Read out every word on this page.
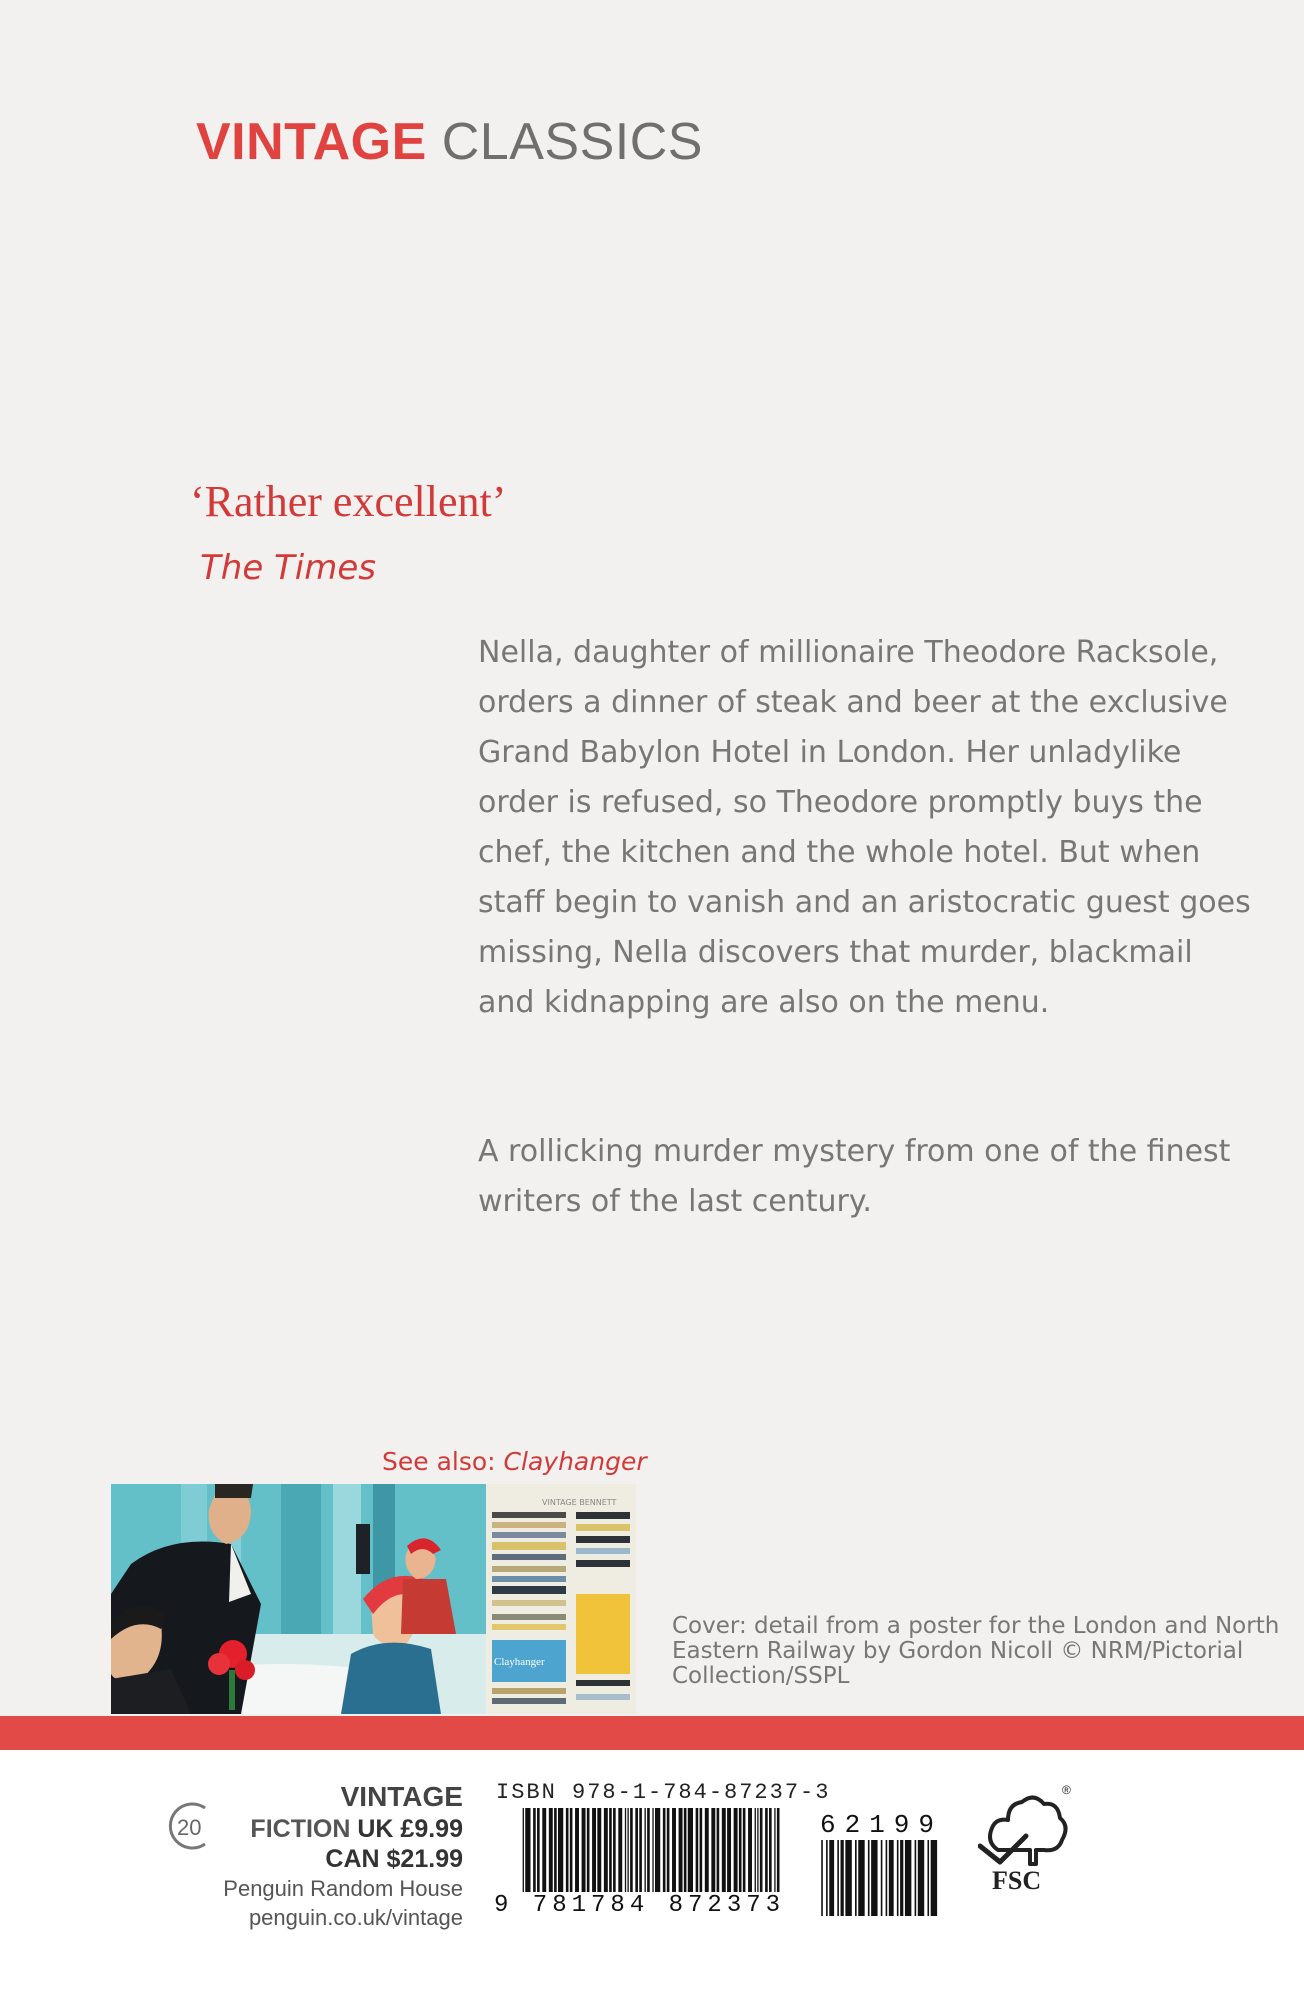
VINTAGE CLASSICS
‘Rather excellent’
The Times
Nella, daughter of millionaire Theodore Racksole,
orders a dinner of steak and beer at the exclusive
Grand Babylon Hotel in London. Her unladylike
order is refused, so Theodore promptly buys the
chef, the kitchen and the whole hotel. But when
staff begin to vanish and an aristocratic guest goes
missing, Nella discovers that murder, blackmail
and kidnapping are also on the menu.
A rollicking murder mystery from one of the finest
writers of the last century.
See also: Clayhanger
VINTAGE BENNETT
Clayhanger
Cover: detail from a poster for the London and North
Eastern Railway by Gordon Nicoll © NRM/Pictorial
Collection/SSPL
20
VINTAGE
FICTION UK £9.99
CAN $21.99
Penguin Random House
penguin.co.uk/vintage
ISBN 978-1-784-87237-3
9 781784 872373
62199
®
FSC
